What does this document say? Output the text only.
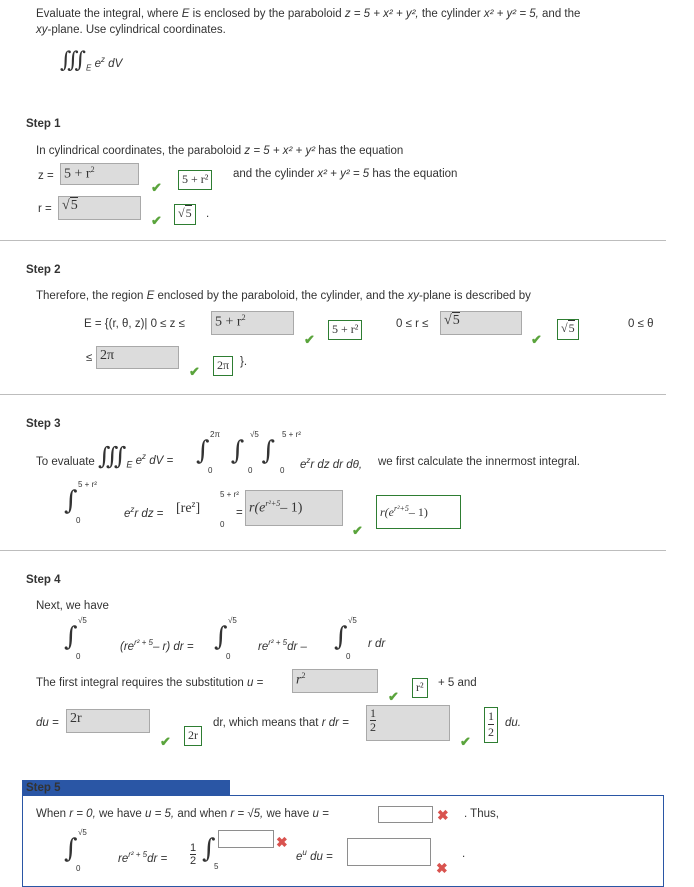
Evaluate the integral, where E is enclosed by the paraboloid z = 5 + x² + y², the cylinder x² + y² = 5, and the
xy-plane. Use cylindrical coordinates.
$∭_E$ $e^z$ dV
Step 1
In cylindrical coordinates, the paraboloid z = 5 + x² + y² has the equation
$z = 5 + r^2$
✔
5 + r²	and the cylinder x² + y² = 5 has the equation
r = √5
✔	√5	.
Step 2
Therefore, the region E enclosed by the paraboloid, the cylinder, and the xy-plane is described by
E = {(r, θ, z)| $0 \le z \le 5 + r^2$
✔
5 + r²	0 ≤ r ≤ √5
✔
√5	0 ≤ θ
≤ 2π
✔	2π }.
Step 3
To evaluate $∭_E$ $e^z$ dV = ∫
2π
0
∫
√5
0
∫
5 + r²
0 $e^zr$ dz dr dθ, we first calculate the innermost integral.
∫
5 + r²
0
$e^zr$ dz = $[re^z]$
5 + r²
0
= $r(e^{r^2+5}-$ 1)
✔
$r(e^{r^2+5}-$ 1)
Step 4
Next, we have
∫
√5
0
($re^{r^2 + 5}-$ r) dr = ∫
√5
0
$re^{r^2 + 5}dr$ – ∫
√5
0
r dr
The first integral requires the substitution $u = r^2$
✔
r²	+ 5 and
du = 2r
✔	2r
dr, which means that r dr = $\frac{1}{2}$
✔
$\frac{1}{2}$ du.
Step 5
When r = 0, we have u = 5, and when r = √5, we have u =	✖ . Thus,
∫
√5
0
$re^{r^2 + 5}dr$ =
1
2 ∫
5
✖
$e^u$ du =
✖
.
